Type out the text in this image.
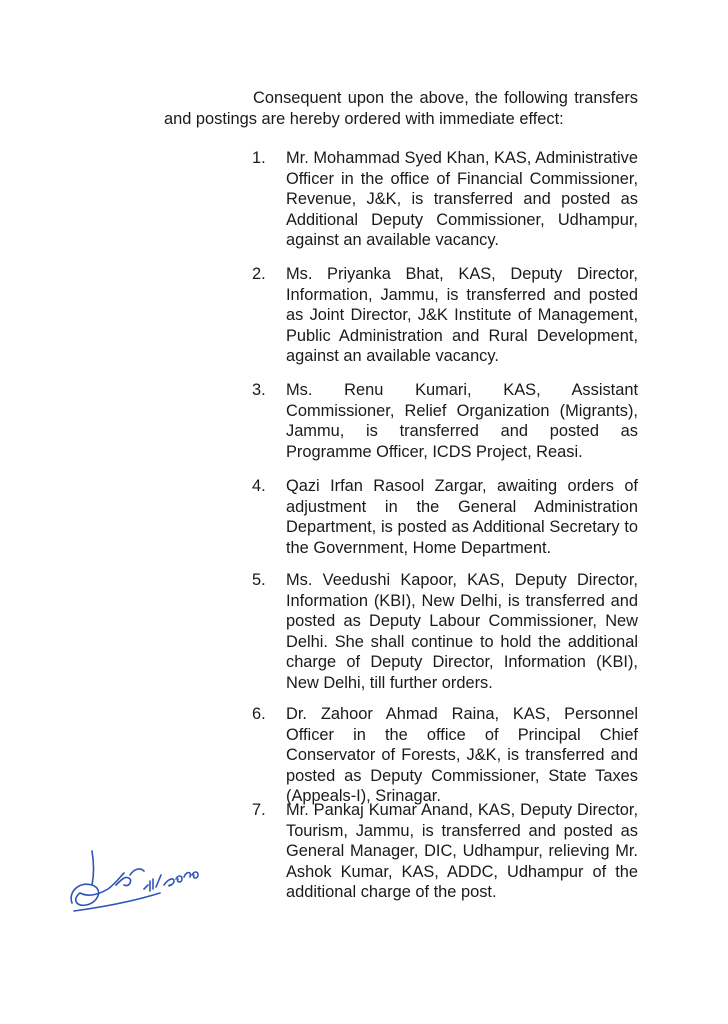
Consequent upon the above, the following transfers and postings are hereby ordered with immediate effect:

1. Mr. Mohammad Syed Khan, KAS, Administrative Officer in the office of Financial Commissioner, Revenue, J&K, is transferred and posted as Additional Deputy Commissioner, Udhampur, against an available vacancy.

2. Ms. Priyanka Bhat, KAS, Deputy Director, Information, Jammu, is transferred and posted as Joint Director, J&K Institute of Management, Public Administration and Rural Development, against an available vacancy.

3. Ms. Renu Kumari, KAS, Assistant Commissioner, Relief Organization (Migrants), Jammu, is transferred and posted as Programme Officer, ICDS Project, Reasi.

4. Qazi Irfan Rasool Zargar, awaiting orders of adjustment in the General Administration Department, is posted as Additional Secretary to the Government, Home Department.

5. Ms. Veedushi Kapoor, KAS, Deputy Director, Information (KBI), New Delhi, is transferred and posted as Deputy Labour Commissioner, New Delhi. She shall continue to hold the additional charge of Deputy Director, Information (KBI), New Delhi, till further orders.

6. Dr. Zahoor Ahmad Raina, KAS, Personnel Officer in the office of Principal Chief Conservator of Forests, J&K, is transferred and posted as Deputy Commissioner, State Taxes (Appeals-I), Srinagar.

7. Mr. Pankaj Kumar Anand, KAS, Deputy Director, Tourism, Jammu, is transferred and posted as General Manager, DIC, Udhampur, relieving Mr. Ashok Kumar, KAS, ADDC, Udhampur of the additional charge of the post.
